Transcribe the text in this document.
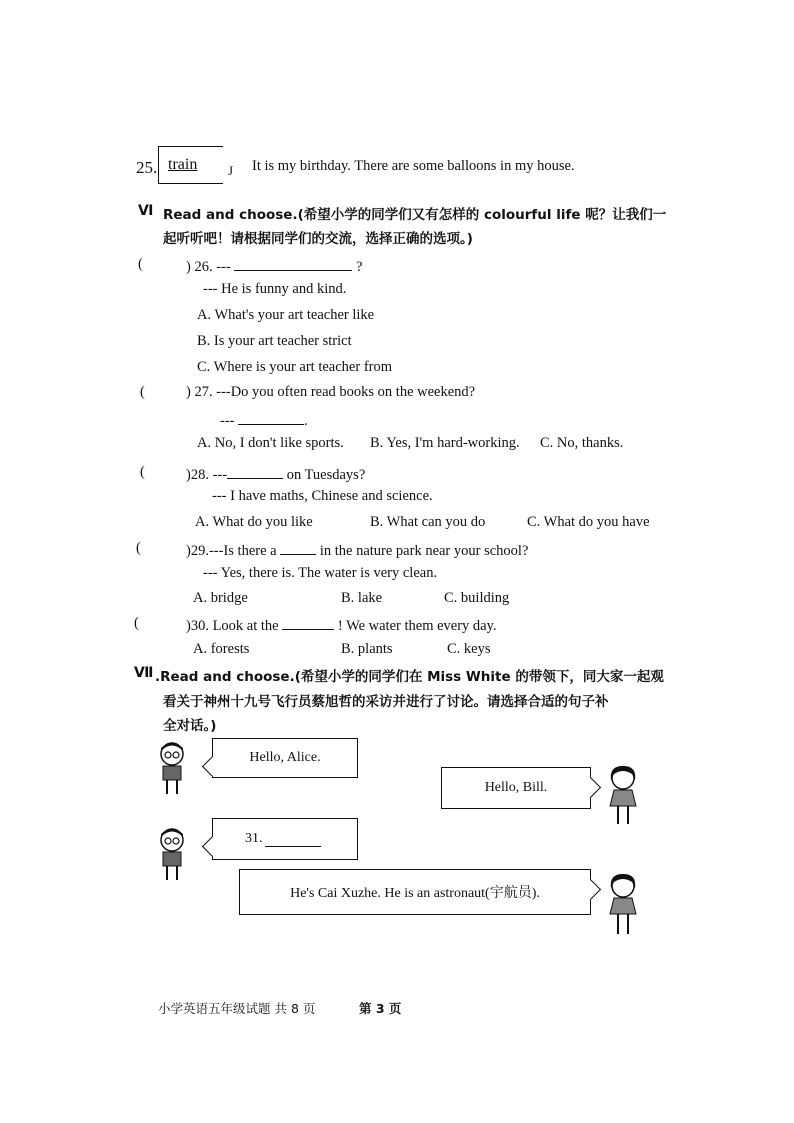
25. train J It is my birthday. There are some balloons in my house.
Ⅵ Read and choose.(希望小学的同学们又有怎样的 colourful life 呢？让我们一
起听听吧！请根据同学们的交流，选择正确的选项。)
(	) 26. ---	?
--- He is funny and kind.
A. What's your art teacher like
B. Is your art teacher strict
C. Where is your art teacher from
(	) 27. ---Do you often read books on the weekend?
---	.
A. No, I don't like sports. B. Yes, I'm hard-working. C. No, thanks.
(	)28. ---	on Tuesdays?
--- I have maths, Chinese and science.
A. What do you like	B. What can you do	C. What do you have
(	)29.---Is there a	in the nature park near your school?
--- Yes, there is. The water is very clean.
A. bridge	B. lake	C. building
(	)30. Look at the	! We water them every day.
A. forests	B. plants	C. keys
Ⅶ .Read and choose.(希望小学的同学们在 Miss White 的带领下，同大家一起观
看关于神州十九号飞行员蔡旭哲的采访并进行了讨论。请选择合适的句子补
全对话。)
Hello, Alice.
Hello, Bill.
31.
He's Cai Xuzhe. He is an astronaut(宇航员).
小学英语五年级试题 共 8 页	第 3 页
